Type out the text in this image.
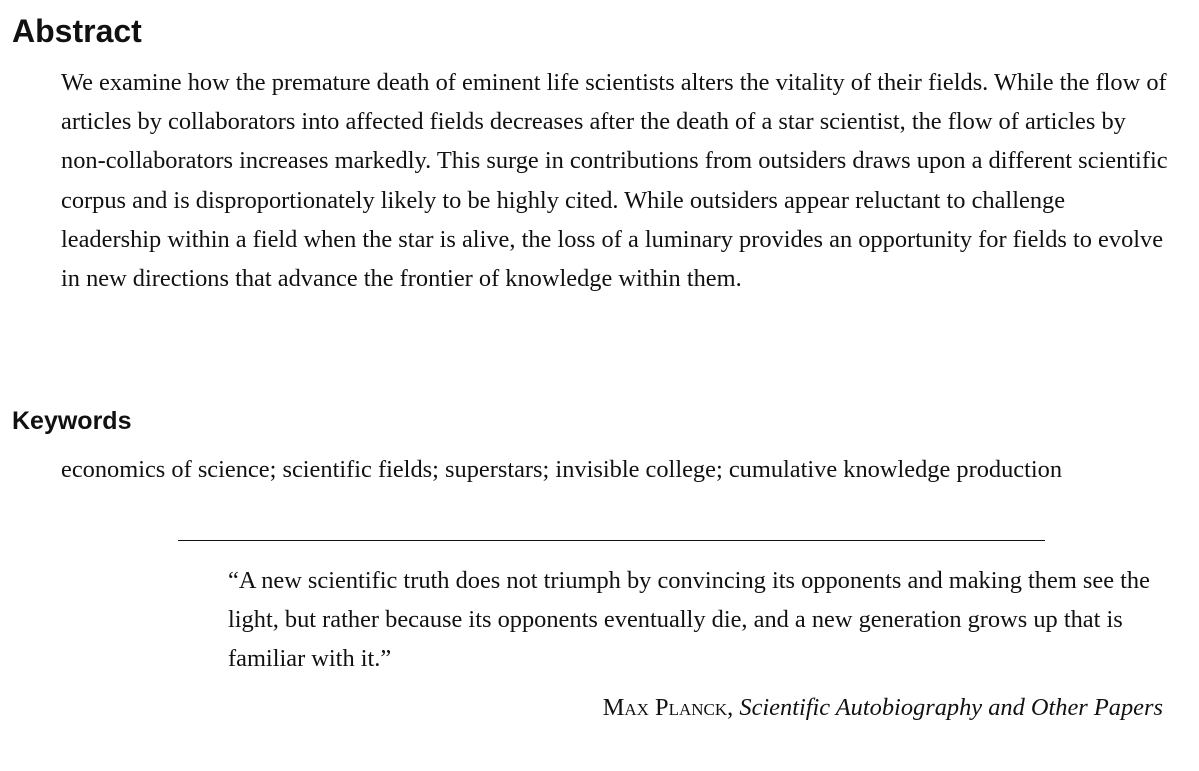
Abstract

We examine how the premature death of eminent life scientists alters the vitality of their fields. While the flow of articles by collaborators into affected fields decreases after the death of a star scientist, the flow of articles by non-collaborators increases markedly. This surge in contributions from outsiders draws upon a different scientific corpus and is disproportionately likely to be highly cited. While outsiders appear reluctant to challenge leadership within a field when the star is alive, the loss of a luminary provides an opportunity for fields to evolve in new directions that advance the frontier of knowledge within them.

Keywords

economics of science; scientific fields; superstars; invisible college; cumulative knowledge production

“A new scientific truth does not triumph by convincing its opponents and making them see the light, but rather because its opponents eventually die, and a new generation grows up that is familiar with it.”

Max Planck, Scientific Autobiography and Other Papers
